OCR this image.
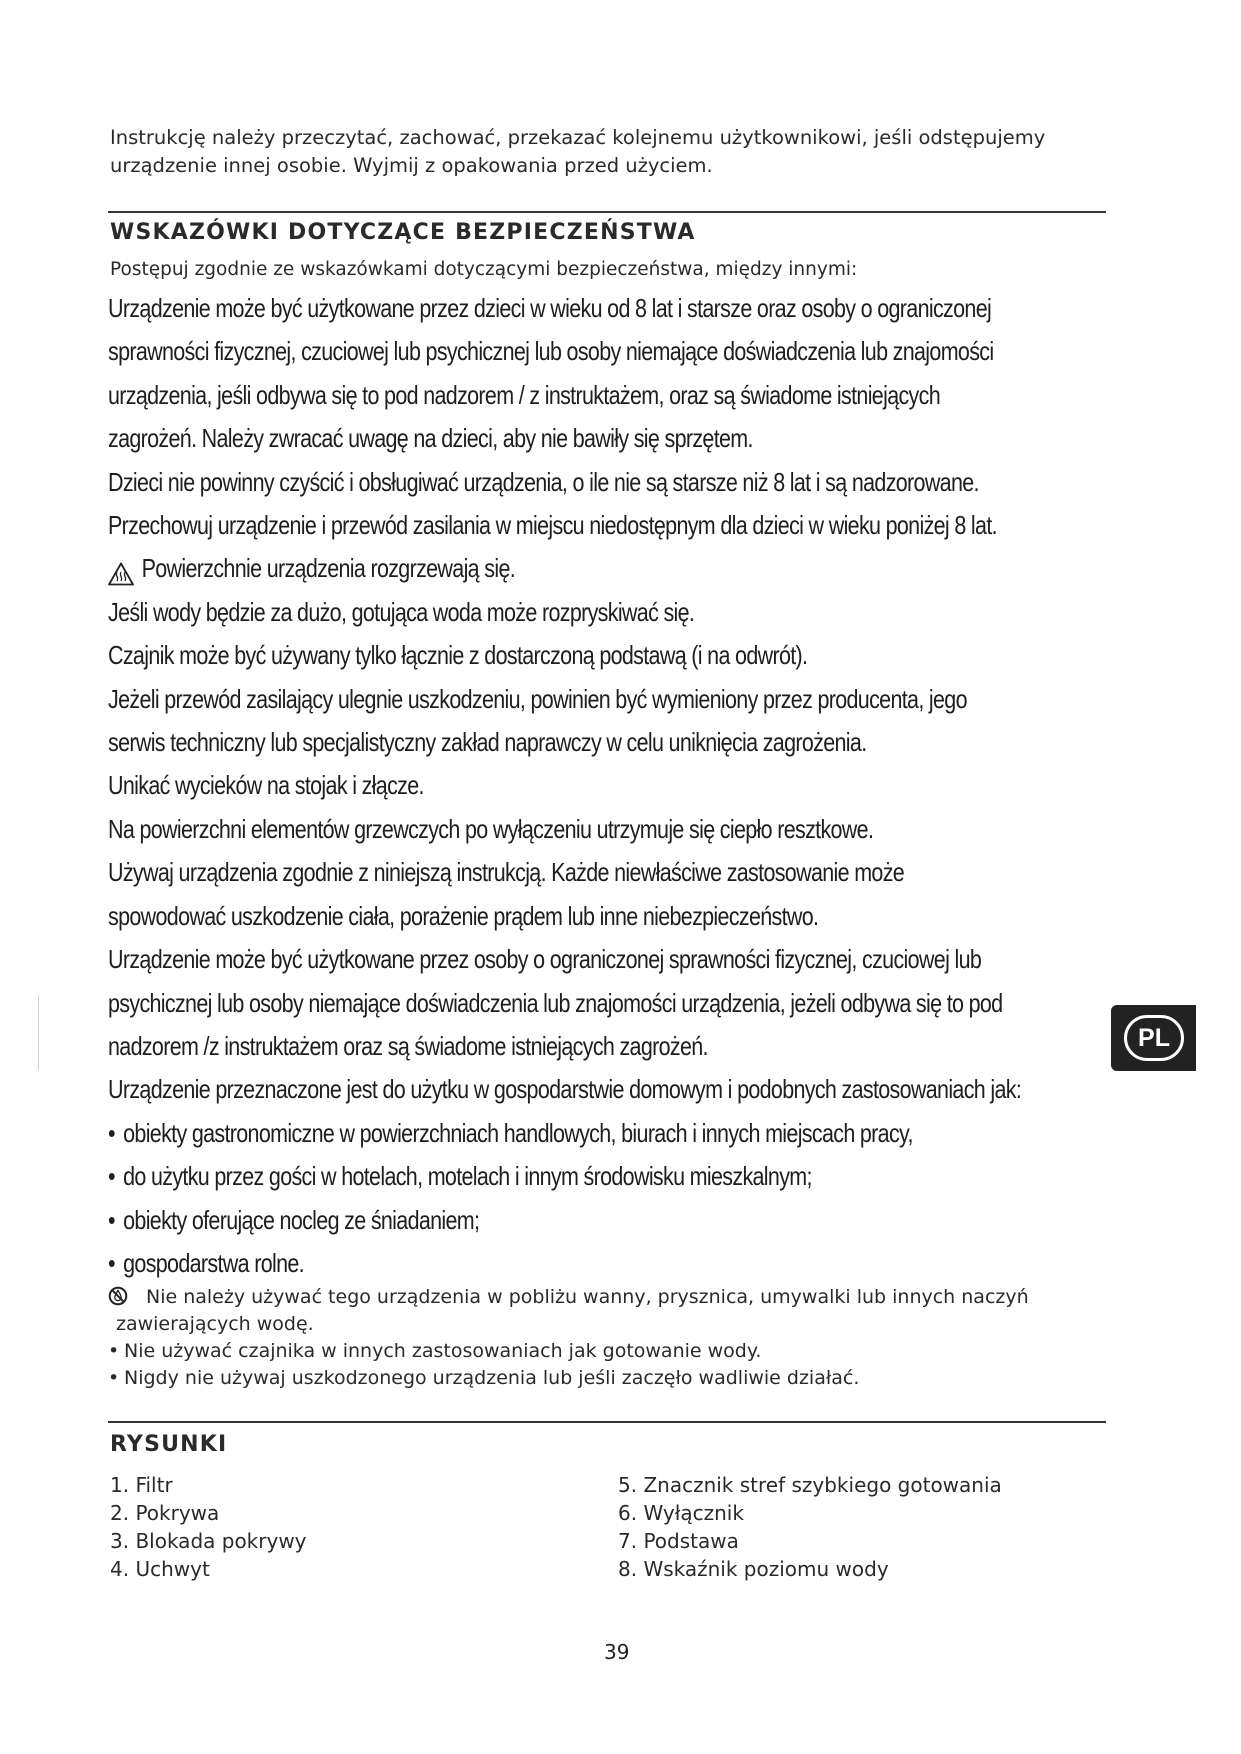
Instrukcję należy przeczytać, zachować, przekazać kolejnemu użytkownikowi, jeśli odstępujemy urządzenie innej osobie. Wyjmij z opakowania przed użyciem.
WSKAZÓWKI DOTYCZĄCE BEZPIECZEŃSTWA
Postępuj zgodnie ze wskazówkami dotyczącymi bezpieczeństwa, między innymi:

Urządzenie może być użytkowane przez dzieci w wieku od 8 lat i starsze oraz osoby o ograniczonej

sprawności fizycznej, czuciowej lub psychicznej lub osoby niemające doświadczenia lub znajomości

urządzenia, jeśli odbywa się to pod nadzorem / z instruktażem, oraz są świadome istniejących

zagrożeń. Należy zwracać uwagę na dzieci, aby nie bawiły się sprzętem.

Dzieci nie powinny czyścić i obsługiwać urządzenia, o ile nie są starsze niż 8 lat i są nadzorowane.

Przechowuj urządzenie i przewód zasilania w miejscu niedostępnym dla dzieci w wieku poniżej 8 lat.

Powierzchnie urządzenia rozgrzewają się.

Jeśli wody będzie za dużo, gotująca woda może rozpryskiwać się.

Czajnik może być używany tylko łącznie z dostarczoną podstawą (i na odwrót).

Jeżeli przewód zasilający ulegnie uszkodzeniu, powinien być wymieniony przez producenta, jego

serwis techniczny lub specjalistyczny zakład naprawczy w celu uniknięcia zagrożenia.

Unikać wycieków na stojak i złącze.

Na powierzchni elementów grzewczych po wyłączeniu utrzymuje się ciepło resztkowe.

Używaj urządzenia zgodnie z niniejszą instrukcją. Każde niewłaściwe zastosowanie może

spowodować uszkodzenie ciała, porażenie prądem lub inne niebezpieczeństwo.

Urządzenie może być użytkowane przez osoby o ograniczonej sprawności fizycznej, czuciowej lub

psychicznej lub osoby niemające doświadczenia lub znajomości urządzenia, jeżeli odbywa się to pod

nadzorem /z instruktażem oraz są świadome istniejących zagrożeń.

Urządzenie przeznaczone jest do użytku w gospodarstwie domowym i podobnych zastosowaniach jak:

• obiekty gastronomiczne w powierzchniach handlowych, biurach i innych miejscach pracy,

• do użytku przez gości w hotelach, motelach i innym środowisku mieszkalnym;

• obiekty oferujące nocleg ze śniadaniem;

• gospodarstwa rolne.

Nie należy używać tego urządzenia w pobliżu wanny, prysznica, umywalki lub innych naczyń

zawierających wodę.

• Nie używać czajnika w innych zastosowaniach jak gotowanie wody.

• Nigdy nie używaj uszkodzonego urządzenia lub jeśli zaczęło wadliwie działać.

RYSUNKI
1. Filtr
2. Pokrywa
3. Blokada pokrywy
4. Uchwyt
5. Znacznik stref szybkiego gotowania
6. Wyłącznik
7. Podstawa
8. Wskaźnik poziomu wody
39
PL
